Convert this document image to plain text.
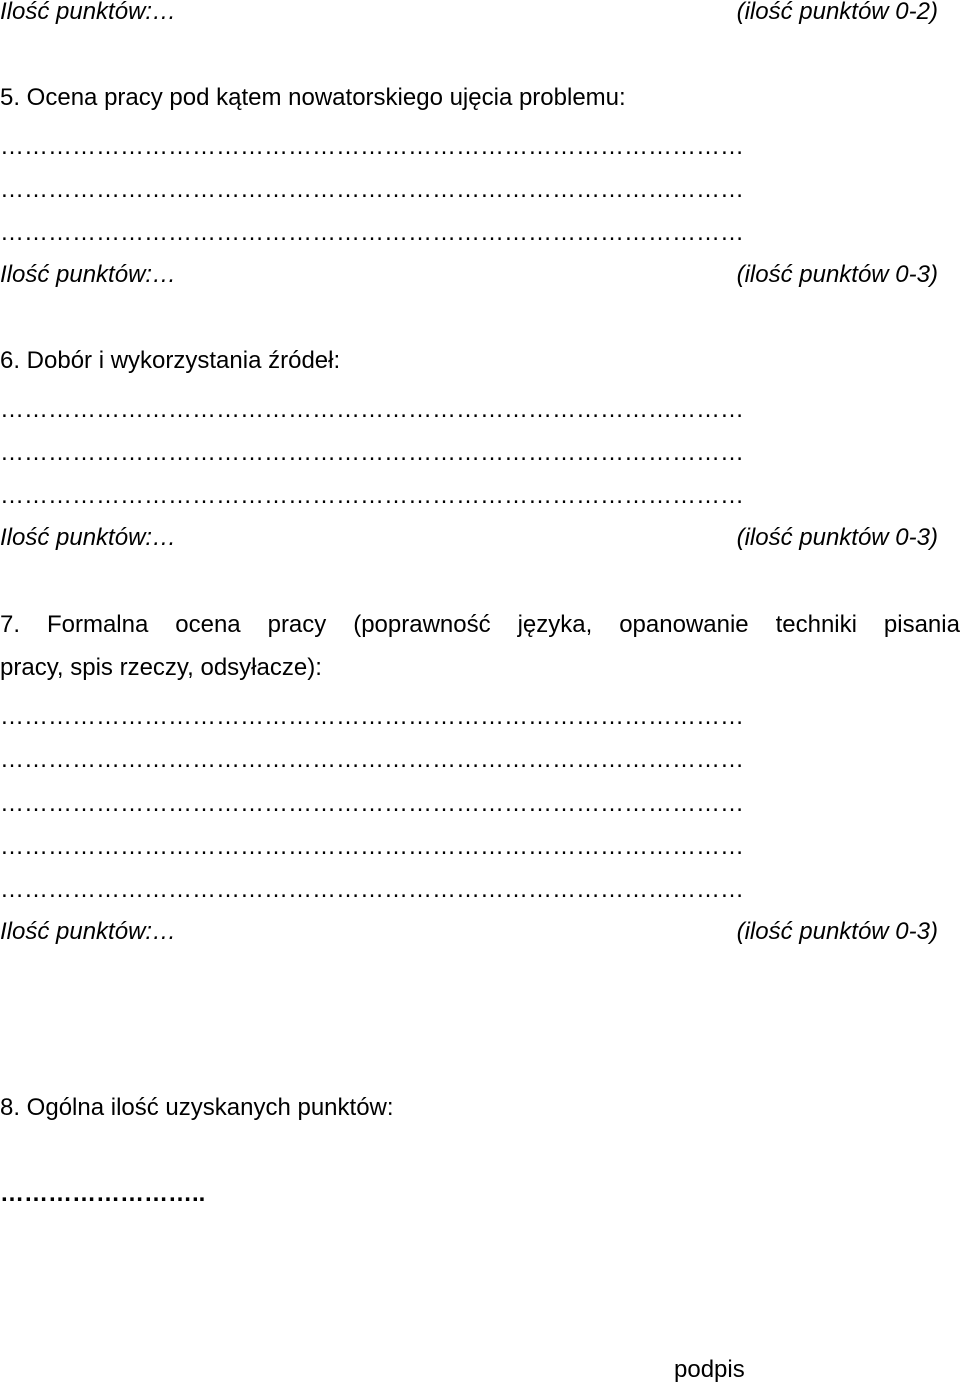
Ilość punktów:…	(ilość punktów 0-2)
5. Ocena pracy pod kątem nowatorskiego ujęcia problemu:
…………………………………………………………………………………
…………………………………………………………………………………
…………………………………………………………………………………
Ilość punktów:…	(ilość punktów 0-3)
6. Dobór i wykorzystania źródeł:
…………………………………………………………………………………
…………………………………………………………………………………
…………………………………………………………………………………
Ilość punktów:…	(ilość punktów 0-3)
7. Formalna ocena pracy (poprawność języka, opanowanie techniki pisania
pracy, spis rzeczy, odsyłacze):
…………………………………………………………………………………
…………………………………………………………………………………
…………………………………………………………………………………
…………………………………………………………………………………
…………………………………………………………………………………
Ilość punktów:…	(ilość punktów 0-3)
8. Ogólna ilość uzyskanych punktów:
……………………..
podpis
